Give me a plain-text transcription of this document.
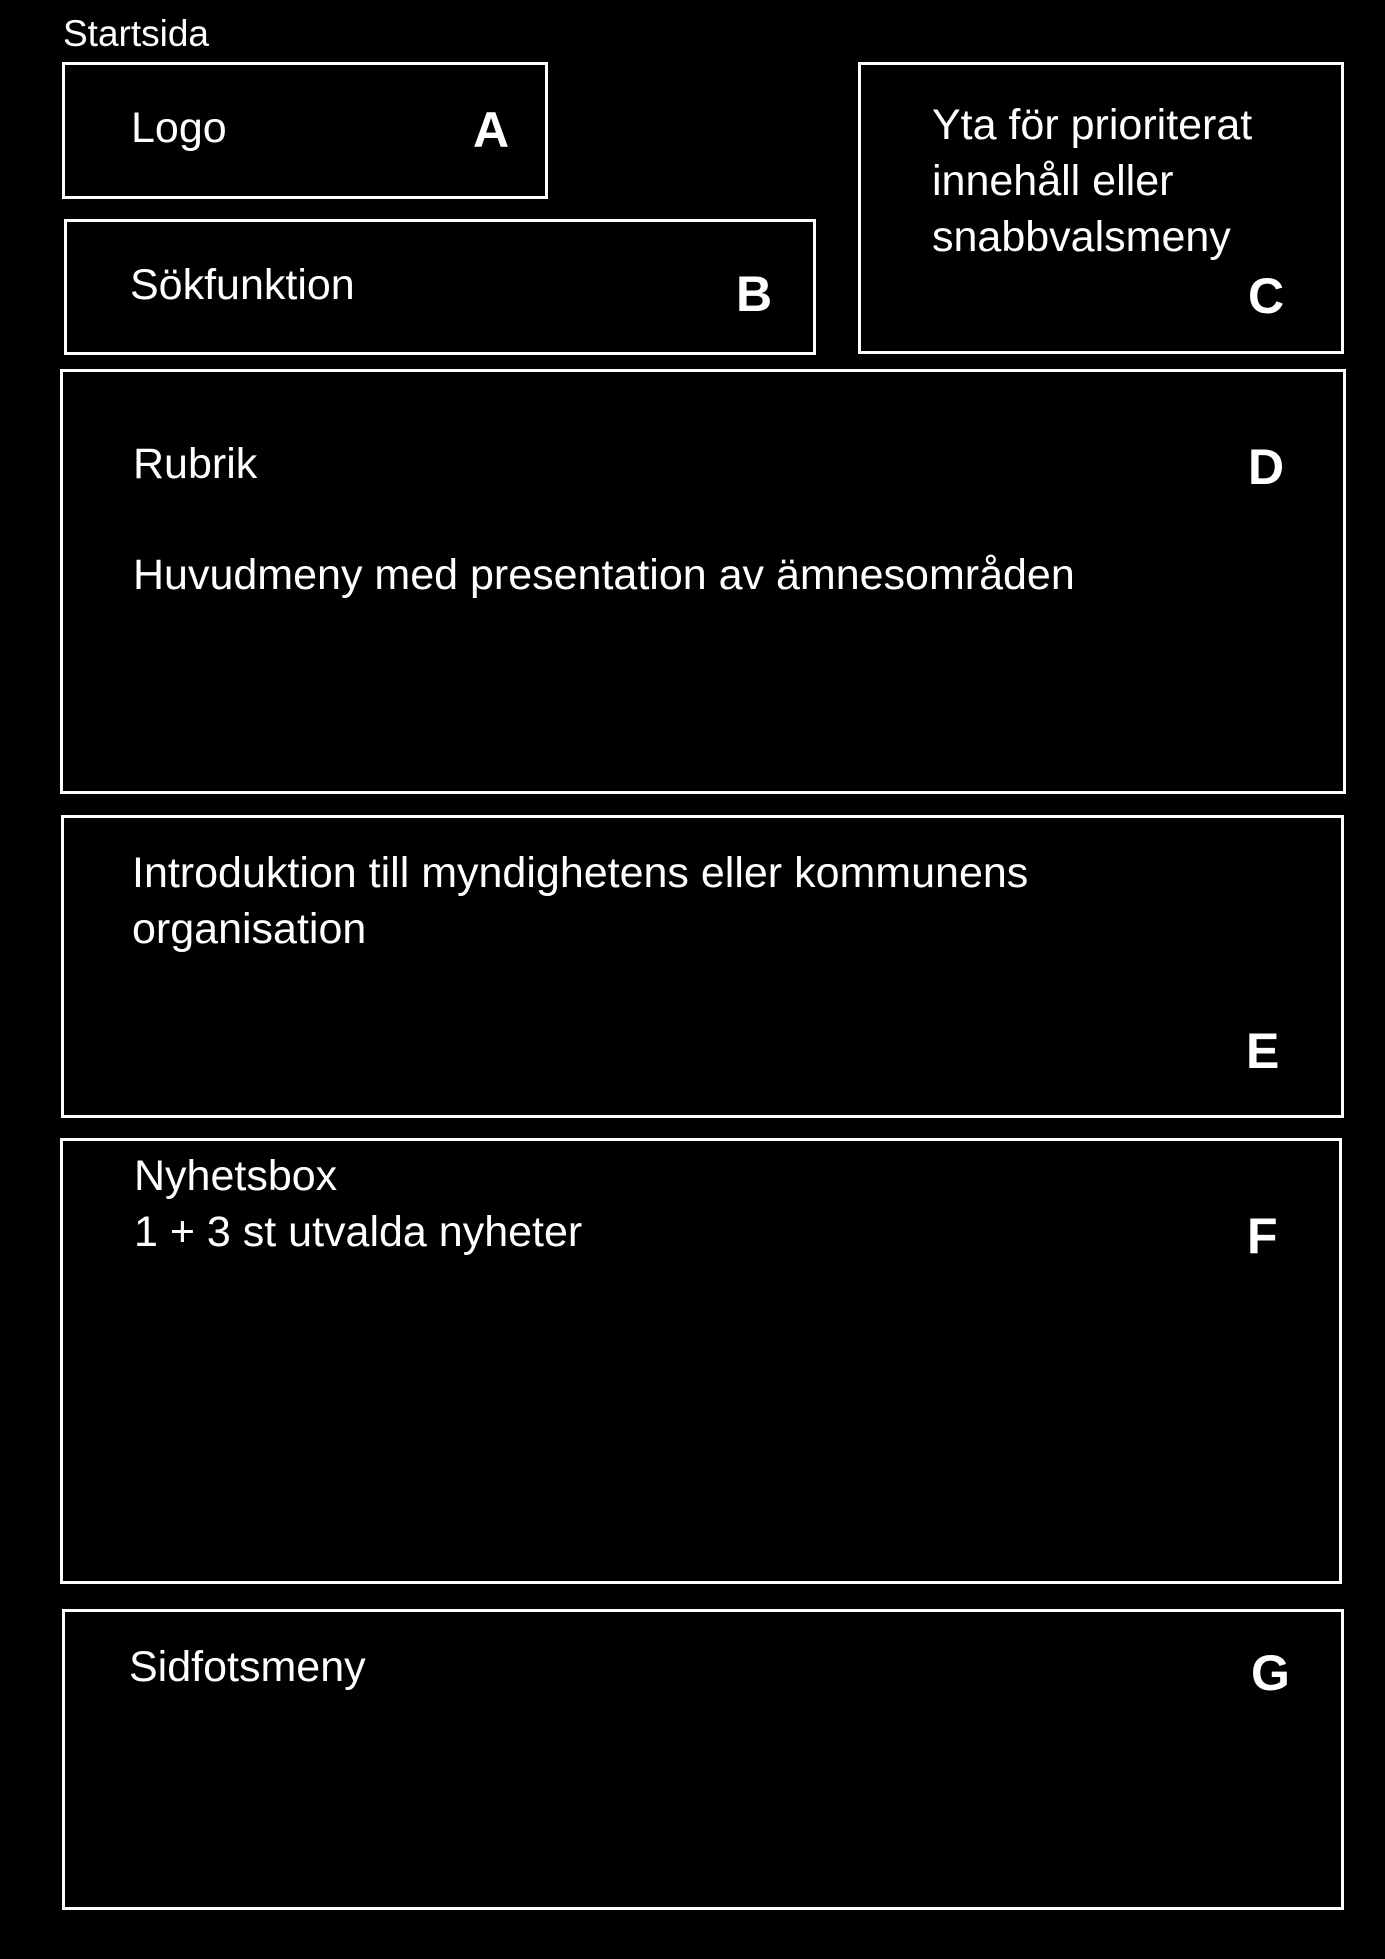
Startsida
Logo	A
Sökfunktion	B
Yta för prioriterat
innehåll eller
snabbvalsmeny
C
Rubrik
Huvudmeny med presentation av ämnesområden
D
Introduktion till myndighetens eller kommunens
organisation
E
Nyhetsbox
1 + 3 st utvalda nyheter	F
Sidfotsmeny	G
